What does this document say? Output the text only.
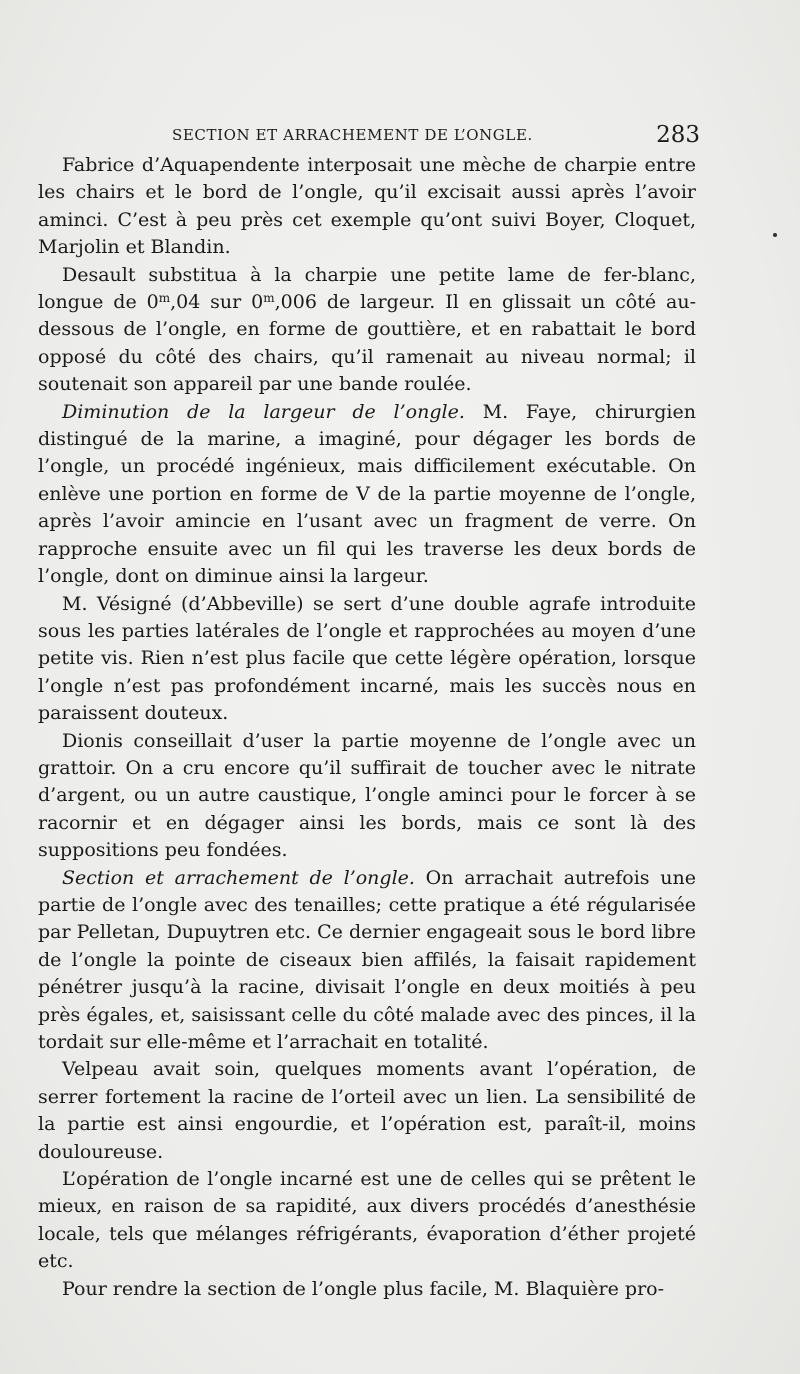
SECTION ET ARRACHEMENT DE L’ONGLE.	283

Fabrice d’Aquapendente interposait une mèche de charpie entre les chairs et le bord de l’ongle, qu’il excisait aussi après l’avoir aminci. C’est à peu près cet exemple qu’ont suivi Boyer, Cloquet, Marjolin et Blandin.

Desault substitua à la charpie une petite lame de fer-blanc, longue de 0$^m$,04 sur 0$^m$,006 de largeur. Il en glissait un côté au-dessous de l’ongle, en forme de gouttière, et en rabattait le bord opposé du côté des chairs, qu’il ramenait au niveau normal; il soutenait son appareil par une bande roulée.

Diminution de la largeur de l’ongle. M. Faye, chirurgien distingué de la marine, a imaginé, pour dégager les bords de l’ongle, un procédé ingénieux, mais difficilement exécutable. On enlève une portion en forme de V de la partie moyenne de l’ongle, après l’avoir amincie en l’usant avec un fragment de verre. On rapproche ensuite avec un fil qui les traverse les deux bords de l’ongle, dont on diminue ainsi la largeur.

M. Vésigné (d’Abbeville) se sert d’une double agrafe introduite sous les parties latérales de l’ongle et rapprochées au moyen d’une petite vis. Rien n’est plus facile que cette légère opération, lorsque l’ongle n’est pas profondément incarné, mais les succès nous en paraissent douteux.

Dionis conseillait d’user la partie moyenne de l’ongle avec un grattoir. On a cru encore qu’il suffirait de toucher avec le nitrate d’argent, ou un autre caustique, l’ongle aminci pour le forcer à se racornir et en dégager ainsi les bords, mais ce sont là des suppositions peu fondées.

Section et arrachement de l’ongle. On arrachait autrefois une partie de l’ongle avec des tenailles; cette pratique a été régularisée par Pelletan, Dupuytren etc. Ce dernier engageait sous le bord libre de l’ongle la pointe de ciseaux bien affilés, la faisait rapidement pénétrer jusqu’à la racine, divisait l’ongle en deux moitiés à peu près égales, et, saisissant celle du côté malade avec des pinces, il la tordait sur elle-même et l’arrachait en totalité.

Velpeau avait soin, quelques moments avant l’opération, de serrer fortement la racine de l’orteil avec un lien. La sensibilité de la partie est ainsi engourdie, et l’opération est, paraît-il, moins douloureuse.

L’opération de l’ongle incarné est une de celles qui se prêtent le mieux, en raison de sa rapidité, aux divers procédés d’anesthésie locale, tels que mélanges réfrigérants, évaporation d’éther projeté etc.

Pour rendre la section de l’ongle plus facile, M. Blaquière pro-
